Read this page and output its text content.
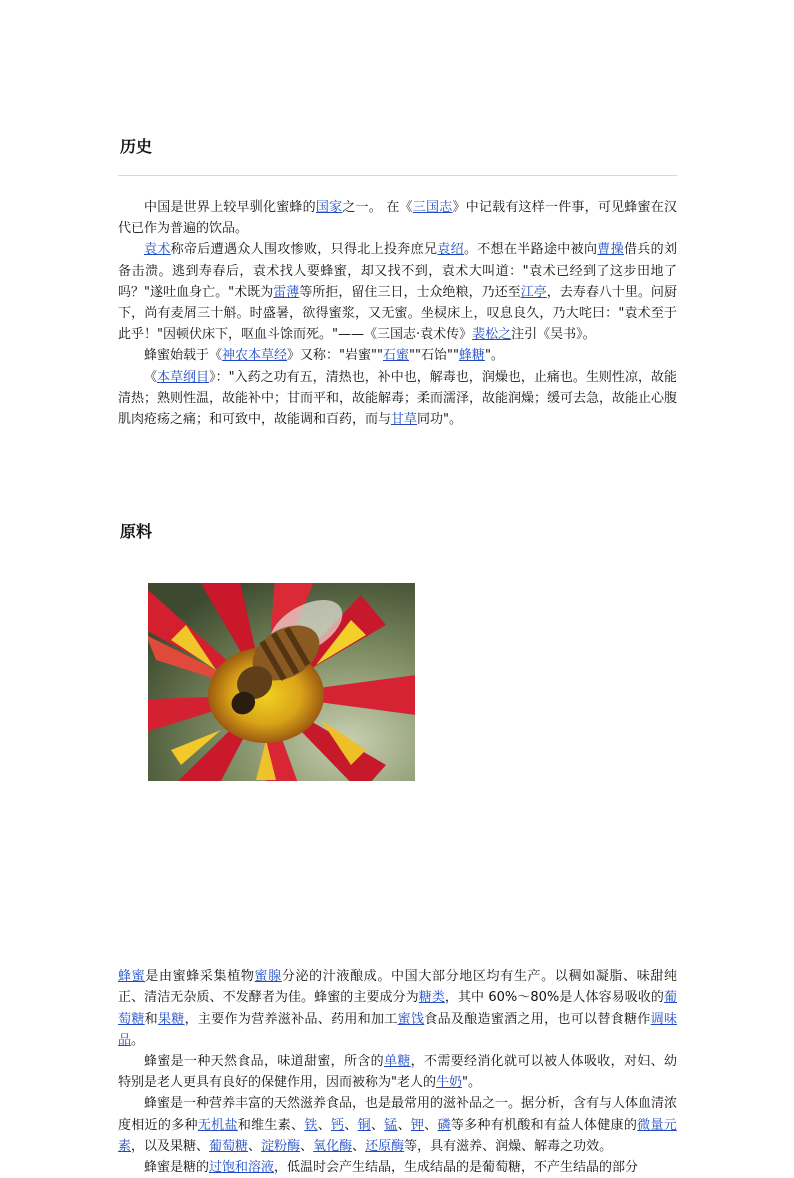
历史

中国是世界上较早驯化蜜蜂的国家之一。 在《三国志》中记载有这样一件事，可见蜂蜜在汉代已作为普遍的饮品。

袁术称帝后遭遇众人围攻惨败，只得北上投奔庶兄袁绍。不想在半路途中被向曹操借兵的刘备击溃。逃到寿春后，袁术找人要蜂蜜，却又找不到，袁术大叫道："袁术已经到了这步田地了吗？"遂吐血身亡。"术既为雷薄等所拒，留住三日，士众绝粮，乃还至江亭，去寿春八十里。问厨下，尚有麦屑三十斛。时盛暑，欲得蜜浆，又无蜜。坐棂床上，叹息良久，乃大咤曰："袁术至于此乎！"因顿伏床下，呕血斗馀而死。"——《三国志·袁术传》裴松之注引《吴书》。

蜂蜜始载于《神农本草经》又称："岩蜜""石蜜""石饴""蜂糖"。

《本草纲目》："入药之功有五，清热也，补中也，解毒也，润燥也，止痛也。生则性凉，故能清热；熟则性温，故能补中；甘而平和，故能解毒；柔而濡泽，故能润燥；缓可去急，故能止心腹肌肉疮疡之痛；和可致中，故能调和百药，而与甘草同功"。

原料

蜂蜜是由蜜蜂采集植物蜜腺分泌的汁液酿成。中国大部分地区均有生产。以稠如凝脂、味甜纯正、清洁无杂质、不发酵者为佳。蜂蜜的主要成分为糖类，其中 60%～80%是人体容易吸收的葡萄糖和果糖，主要作为营养滋补品、药用和加工蜜饯食品及酿造蜜酒之用，也可以替食糖作调味品。

蜂蜜是一种天然食品，味道甜蜜，所含的单糖，不需要经消化就可以被人体吸收，对妇、幼特别是老人更具有良好的保健作用，因而被称为"老人的牛奶"。

蜂蜜是一种营养丰富的天然滋养食品，也是最常用的滋补品之一。据分析，含有与人体血清浓度相近的多种无机盐和维生素、铁、钙、铜、锰、钾、磷等多种有机酸和有益人体健康的微量元素，以及果糖、葡萄糖、淀粉酶、氧化酶、还原酶等，具有滋养、润燥、解毒之功效。

蜂蜜是糖的过饱和溶液，低温时会产生结晶，生成结晶的是葡萄糖，不产生结晶的部分
